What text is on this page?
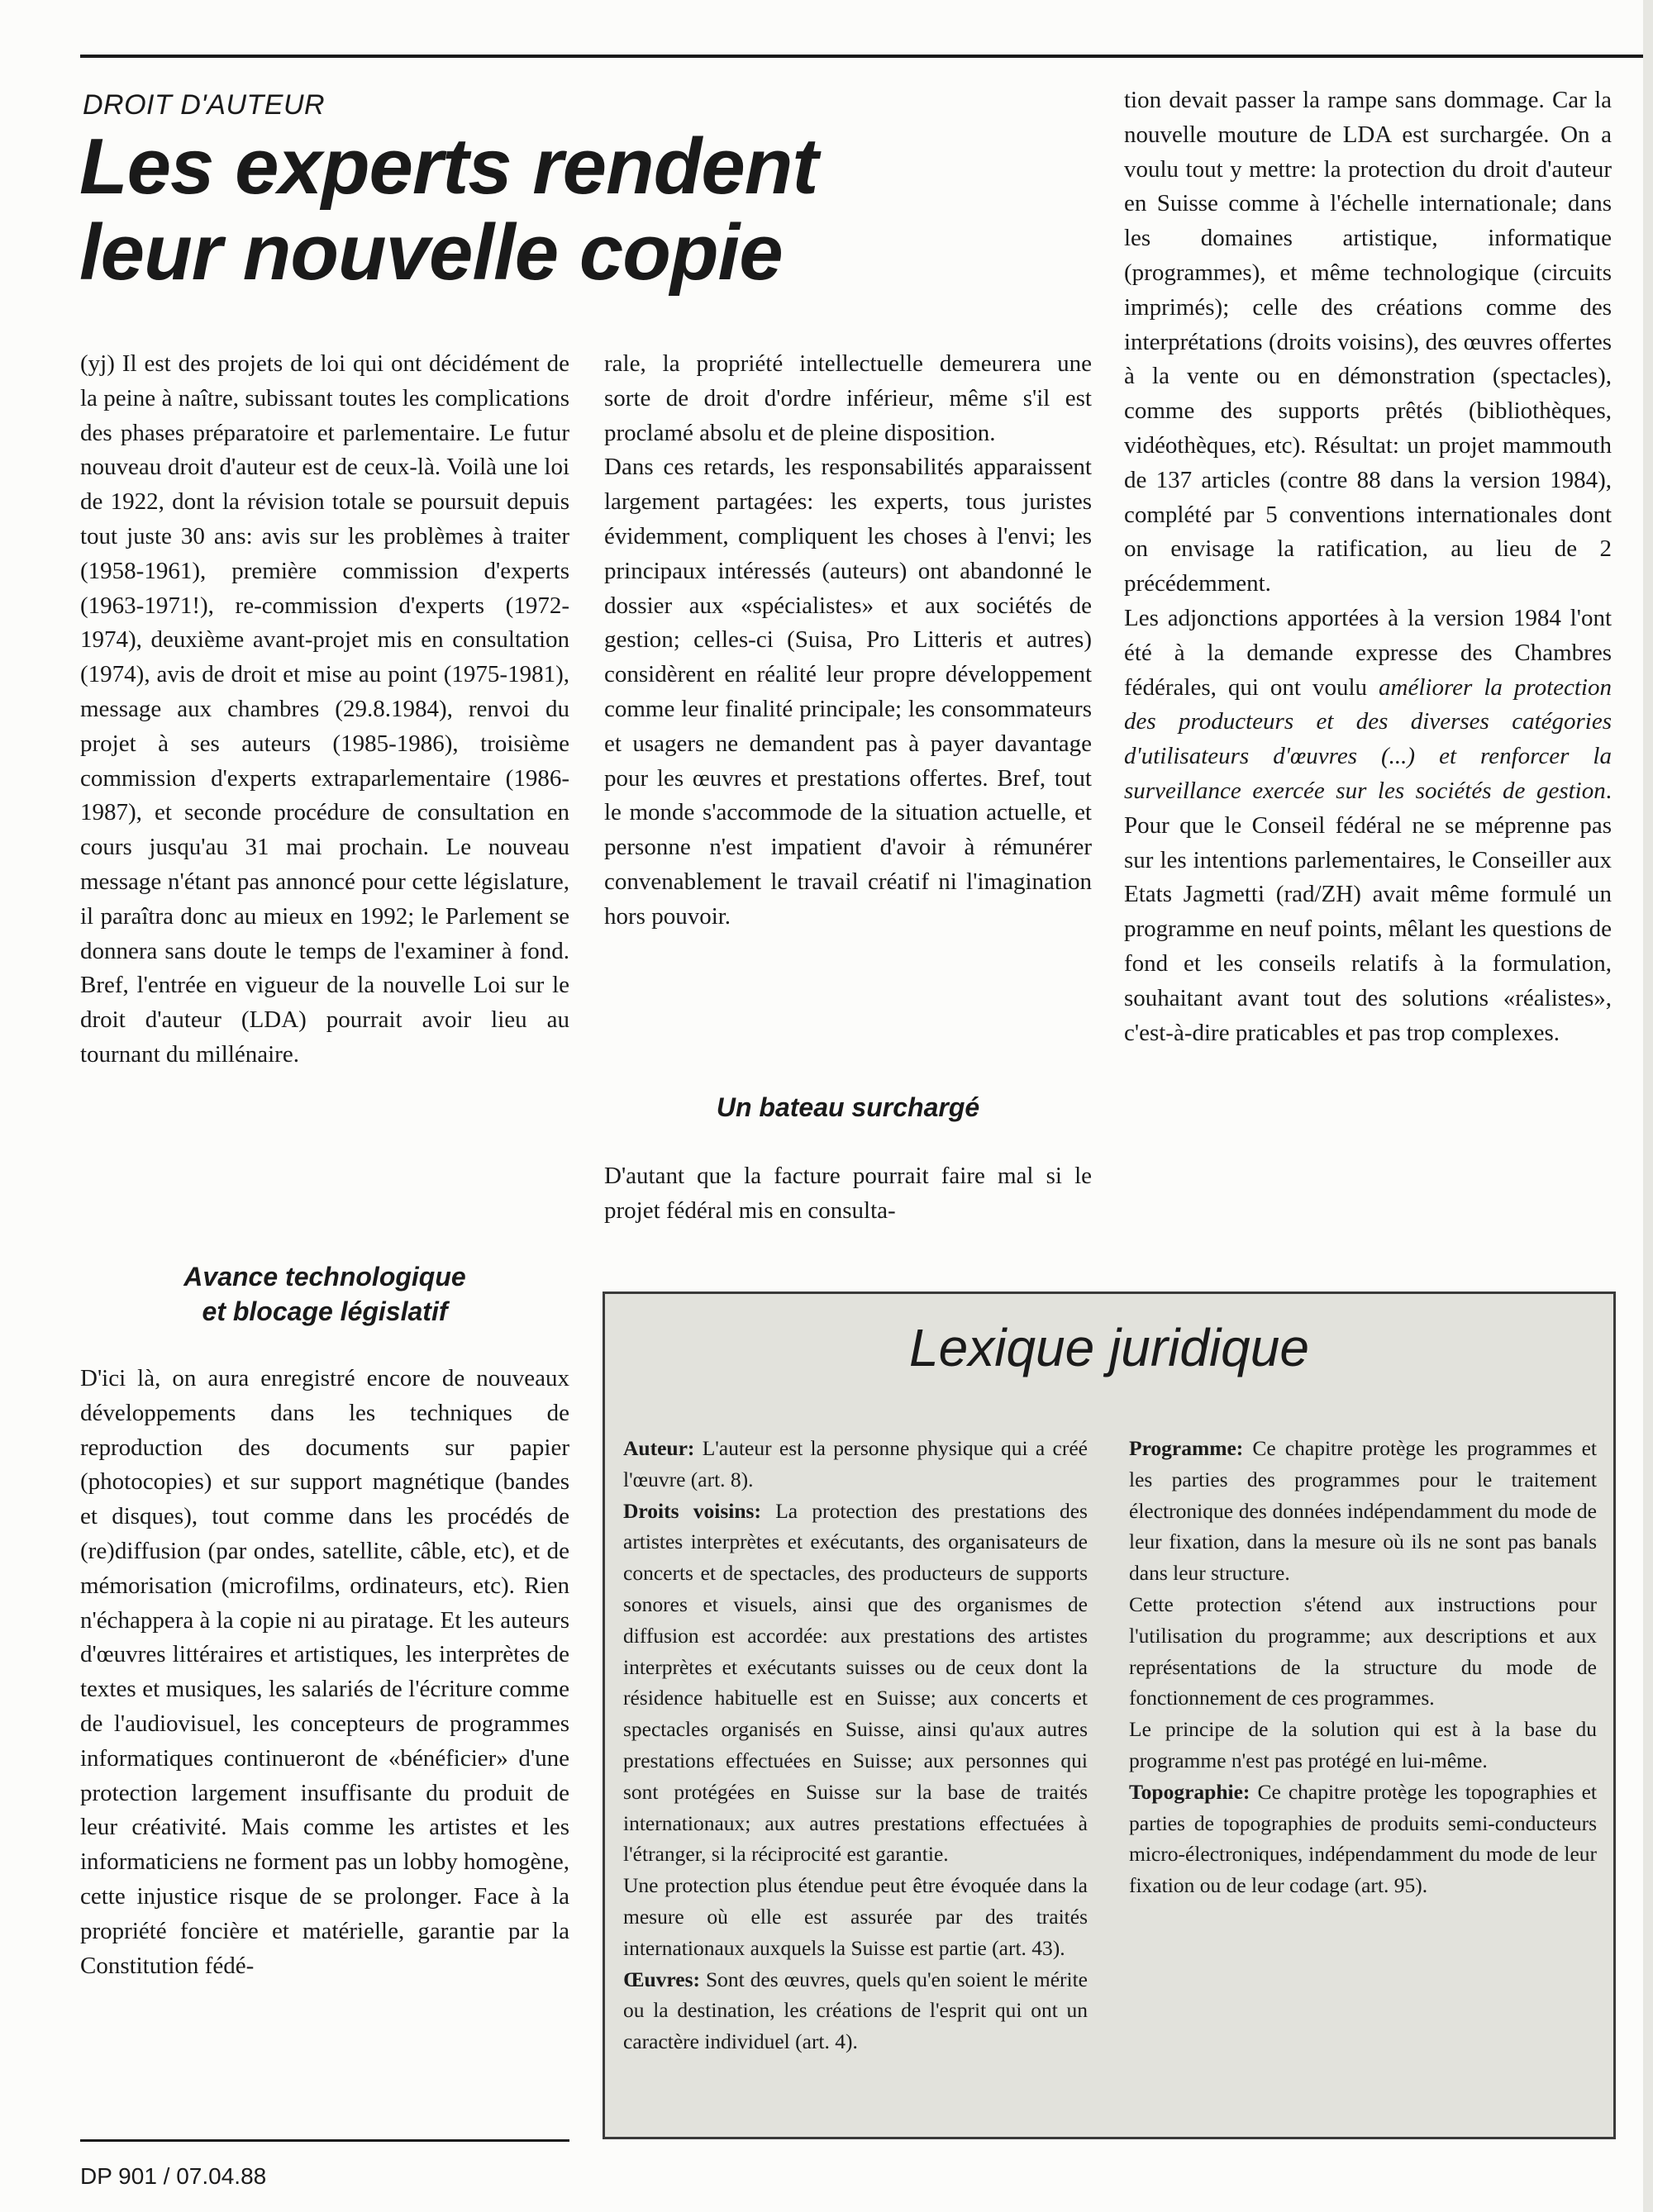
DROIT D'AUTEUR
Les experts rendent
leur nouvelle copie

(yj) Il est des projets de loi qui ont décidément de la peine à naître, subissant toutes les complications des phases préparatoire et parlementaire. Le futur nouveau droit d'auteur est de ceux-là. Voilà une loi de 1922, dont la révision totale se poursuit depuis tout juste 30 ans: avis sur les problèmes à traiter (1958-1961), première commission d'experts (1963-1971!), re-commission d'experts (1972-1974), deuxième avant-projet mis en consultation (1974), avis de droit et mise au point (1975-1981), message aux chambres (29.8.1984), renvoi du projet à ses auteurs (1985-1986), troisième commission d'experts extraparlementaire (1986-1987), et seconde procédure de consultation en cours jusqu'au 31 mai prochain. Le nouveau message n'étant pas annoncé pour cette législature, il paraîtra donc au mieux en 1992; le Parlement se donnera sans doute le temps de l'examiner à fond. Bref, l'entrée en vigueur de la nouvelle Loi sur le droit d'auteur (LDA) pourrait avoir lieu au tournant du millénaire.

Avance technologique
et blocage législatif

D'ici là, on aura enregistré encore de nouveaux développements dans les techniques de reproduction des documents sur papier (photocopies) et sur support magnétique (bandes et disques), tout comme dans les procédés de (re)diffusion (par ondes, satellite, câble, etc), et de mémorisation (microfilms, ordinateurs, etc). Rien n'échappera à la copie ni au piratage. Et les auteurs d'œuvres littéraires et artistiques, les interprètes de textes et musiques, les salariés de l'écriture comme de l'audiovisuel, les concepteurs de programmes informatiques continueront de «bénéficier» d'une protection largement insuffisante du produit de leur créativité. Mais comme les artistes et les informaticiens ne forment pas un lobby homogène, cette injustice risque de se prolonger. Face à la propriété foncière et matérielle, garantie par la Constitution fédé-

rale, la propriété intellectuelle demeurera une sorte de droit d'ordre inférieur, même s'il est proclamé absolu et de pleine disposition.

Dans ces retards, les responsabilités apparaissent largement partagées: les experts, tous juristes évidemment, compliquent les choses à l'envi; les principaux intéressés (auteurs) ont abandonné le dossier aux «spécialistes» et aux sociétés de gestion; celles-ci (Suisa, Pro Litteris et autres) considèrent en réalité leur propre développement comme leur finalité principale; les consommateurs et usagers ne demandent pas à payer davantage pour les œuvres et prestations offertes. Bref, tout le monde s'accommode de la situation actuelle, et personne n'est impatient d'avoir à rémunérer convenablement le travail créatif ni l'imagination hors pouvoir.

Un bateau surchargé

D'autant que la facture pourrait faire mal si le projet fédéral mis en consulta-

tion devait passer la rampe sans dommage. Car la nouvelle mouture de LDA est surchargée. On a voulu tout y mettre: la protection du droit d'auteur en Suisse comme à l'échelle internationale; dans les domaines artistique, informatique (programmes), et même technologique (circuits imprimés); celle des créations comme des interprétations (droits voisins), des œuvres offertes à la vente ou en démonstration (spectacles), comme des supports prêtés (bibliothèques, vidéothèques, etc). Résultat: un projet mammouth de 137 articles (contre 88 dans la version 1984), complété par 5 conventions internationales dont on envisage la ratification, au lieu de 2 précédemment.

Les adjonctions apportées à la version 1984 l'ont été à la demande expresse des Chambres fédérales, qui ont voulu améliorer la protection des producteurs et des diverses catégories d'utilisateurs d'œuvres (...) et renforcer la surveillance exercée sur les sociétés de gestion. Pour que le Conseil fédéral ne se méprenne pas sur les intentions parlementaires, le Conseiller aux Etats Jagmetti (rad/ZH) avait même formulé un programme en neuf points, mêlant les questions de fond et les conseils relatifs à la formulation, souhaitant avant tout des solutions «réalistes», c'est-à-dire praticables et pas trop complexes.

Lexique juridique

Auteur: L'auteur est la personne physique qui a créé l'œuvre (art. 8).

Droits voisins: La protection des prestations des artistes interprètes et exécutants, des organisateurs de concerts et de spectacles, des producteurs de supports sonores et visuels, ainsi que des organismes de diffusion est accordée: aux prestations des artistes interprètes et exécutants suisses ou de ceux dont la résidence habituelle est en Suisse; aux concerts et spectacles organisés en Suisse, ainsi qu'aux autres prestations effectuées en Suisse; aux personnes qui sont protégées en Suisse sur la base de traités internationaux; aux autres prestations effectuées à l'étranger, si la réciprocité est garantie.

Une protection plus étendue peut être évoquée dans la mesure où elle est assurée par des traités internationaux auxquels la Suisse est partie (art. 43).

Œuvres: Sont des œuvres, quels qu'en soient le mérite ou la destination, les créations de l'esprit qui ont un caractère individuel (art. 4).

Programme: Ce chapitre protège les programmes et les parties des programmes pour le traitement électronique des données indépendamment du mode de leur fixation, dans la mesure où ils ne sont pas banals dans leur structure.

Cette protection s'étend aux instructions pour l'utilisation du programme; aux descriptions et aux représentations de la structure du mode de fonctionnement de ces programmes.

Le principe de la solution qui est à la base du programme n'est pas protégé en lui-même.

Topographie: Ce chapitre protège les topographies et parties de topographies de produits semi-conducteurs micro-électroniques, indépendamment du mode de leur fixation ou de leur codage (art. 95).

DP 901 / 07.04.88
